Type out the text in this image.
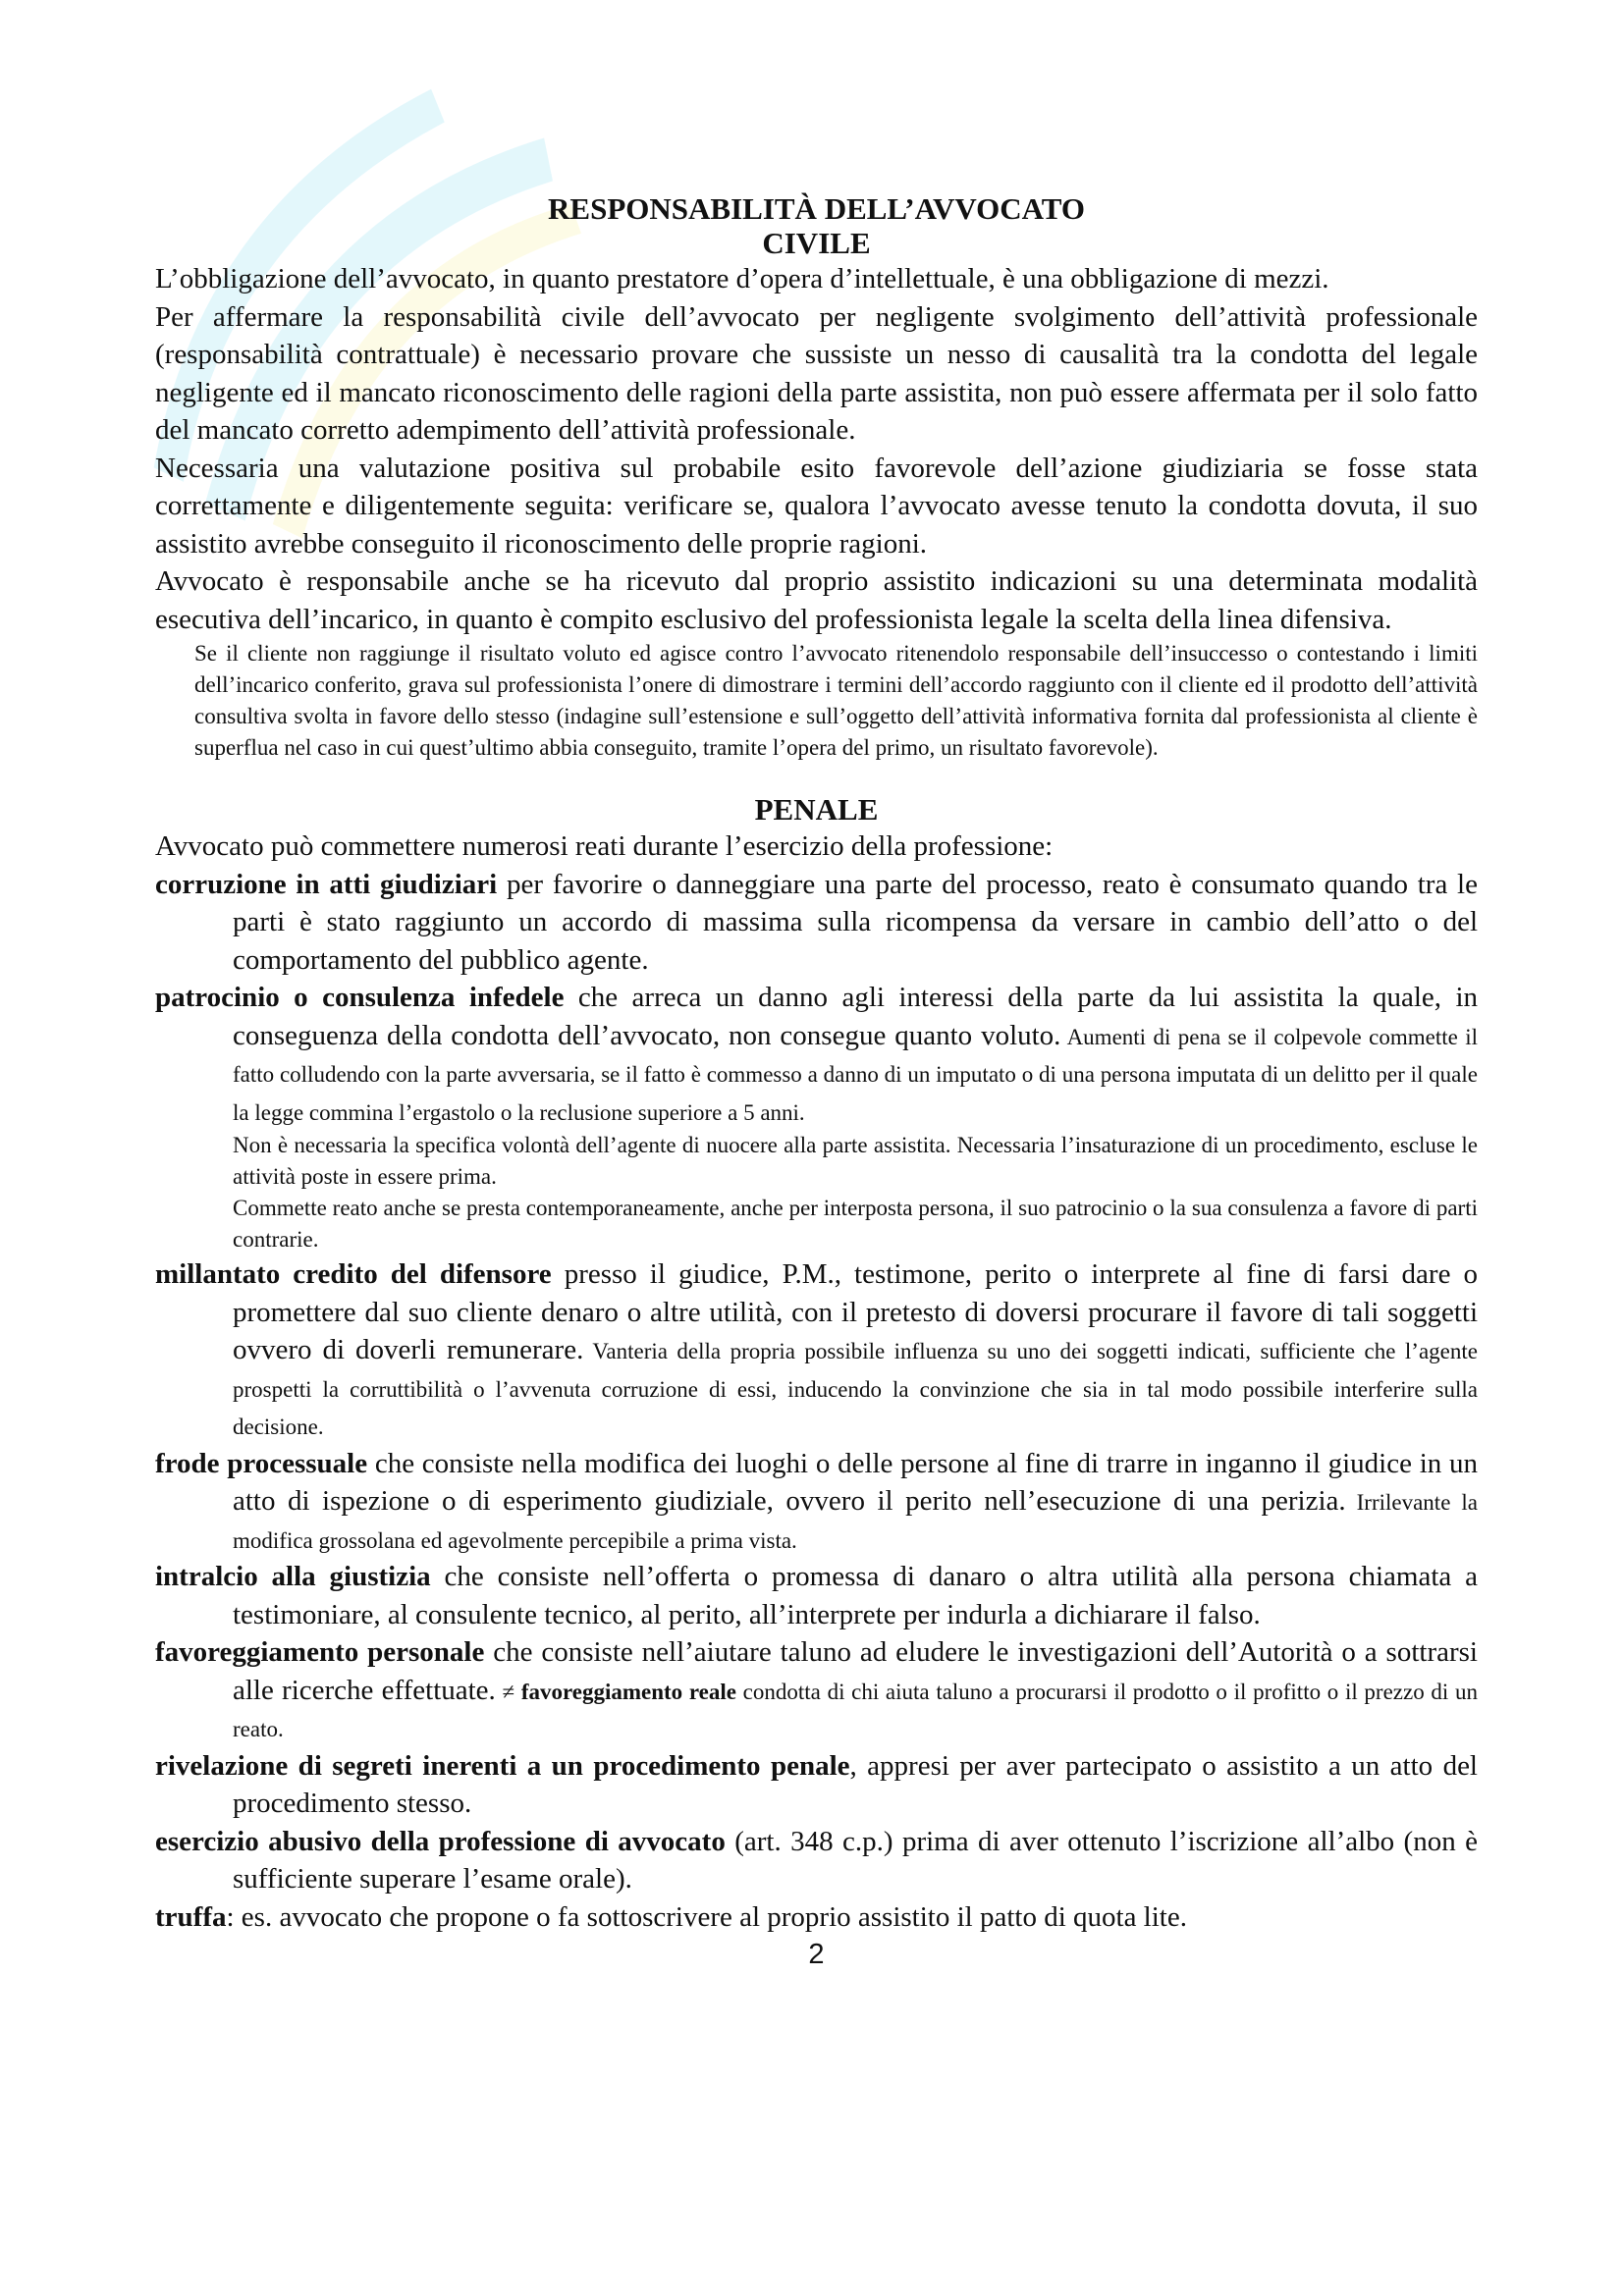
RESPONSABILITÀ DELL’AVVOCATO
CIVILE

L’obbligazione dell’avvocato, in quanto prestatore d’opera d’intellettuale, è una obbligazione di mezzi.

Per affermare la responsabilità civile dell’avvocato per negligente svolgimento dell’attività professionale (responsabilità contrattuale) è necessario provare che sussiste un nesso di causalità tra la condotta del legale negligente ed il mancato riconoscimento delle ragioni della parte assistita, non può essere affermata per il solo fatto del mancato corretto adempimento dell’attività professionale.

Necessaria una valutazione positiva sul probabile esito favorevole dell’azione giudiziaria se fosse stata correttamente e diligentemente seguita: verificare se, qualora l’avvocato avesse tenuto la condotta dovuta, il suo assistito avrebbe conseguito il riconoscimento delle proprie ragioni.

Avvocato è responsabile anche se ha ricevuto dal proprio assistito indicazioni su una determinata modalità esecutiva dell’incarico, in quanto è compito esclusivo del professionista legale la scelta della linea difensiva.

Se il cliente non raggiunge il risultato voluto ed agisce contro l’avvocato ritenendolo responsabile dell’insuccesso o contestando i limiti dell’incarico conferito, grava sul professionista l’onere di dimostrare i termini dell’accordo raggiunto con il cliente ed il prodotto dell’attività consultiva svolta in favore dello stesso (indagine sull’estensione e sull’oggetto dell’attività informativa fornita dal professionista al cliente è superflua nel caso in cui quest’ultimo abbia conseguito, tramite l’opera del primo, un risultato favorevole).

PENALE

Avvocato può commettere numerosi reati durante l’esercizio della professione:

corruzione in atti giudiziari per favorire o danneggiare una parte del processo, reato è consumato quando tra le parti è stato raggiunto un accordo di massima sulla ricompensa da versare in cambio dell’atto o del comportamento del pubblico agente.

patrocinio o consulenza infedele che arreca un danno agli interessi della parte da lui assistita la quale, in conseguenza della condotta dell’avvocato, non consegue quanto voluto. Aumenti di pena se il colpevole commette il fatto colludendo con la parte avversaria, se il fatto è commesso a danno di un imputato o di una persona imputata di un delitto per il quale la legge commina l’ergastolo o la reclusione superiore a 5 anni.

Non è necessaria la specifica volontà dell’agente di nuocere alla parte assistita. Necessaria l’insaturazione di un procedimento, escluse le attività poste in essere prima.

Commette reato anche se presta contemporaneamente, anche per interposta persona, il suo patrocinio o la sua consulenza a favore di parti contrarie.

millantato credito del difensore presso il giudice, P.M., testimone, perito o interprete al fine di farsi dare o promettere dal suo cliente denaro o altre utilità, con il pretesto di doversi procurare il favore di tali soggetti ovvero di doverli remunerare. Vanteria della propria possibile influenza su uno dei soggetti indicati, sufficiente che l’agente prospetti la corruttibilità o l’avvenuta corruzione di essi, inducendo la convinzione che sia in tal modo possibile interferire sulla decisione.

frode processuale che consiste nella modifica dei luoghi o delle persone al fine di trarre in inganno il giudice in un atto di ispezione o di esperimento giudiziale, ovvero il perito nell’esecuzione di una perizia. Irrilevante la modifica grossolana ed agevolmente percepibile a prima vista.

intralcio alla giustizia che consiste nell’offerta o promessa di danaro o altra utilità alla persona chiamata a testimoniare, al consulente tecnico, al perito, all’interprete per indurla a dichiarare il falso.

favoreggiamento personale che consiste nell’aiutare taluno ad eludere le investigazioni dell’Autorità o a sottrarsi alle ricerche effettuate. ≠ favoreggiamento reale condotta di chi aiuta taluno a procurarsi il prodotto o il profitto o il prezzo di un reato.

rivelazione di segreti inerenti a un procedimento penale, appresi per aver partecipato o assistito a un atto del procedimento stesso.

esercizio abusivo della professione di avvocato (art. 348 c.p.) prima di aver ottenuto l’iscrizione all’albo (non è sufficiente superare l’esame orale).

truffa: es. avvocato che propone o fa sottoscrivere al proprio assistito il patto di quota lite.

2
